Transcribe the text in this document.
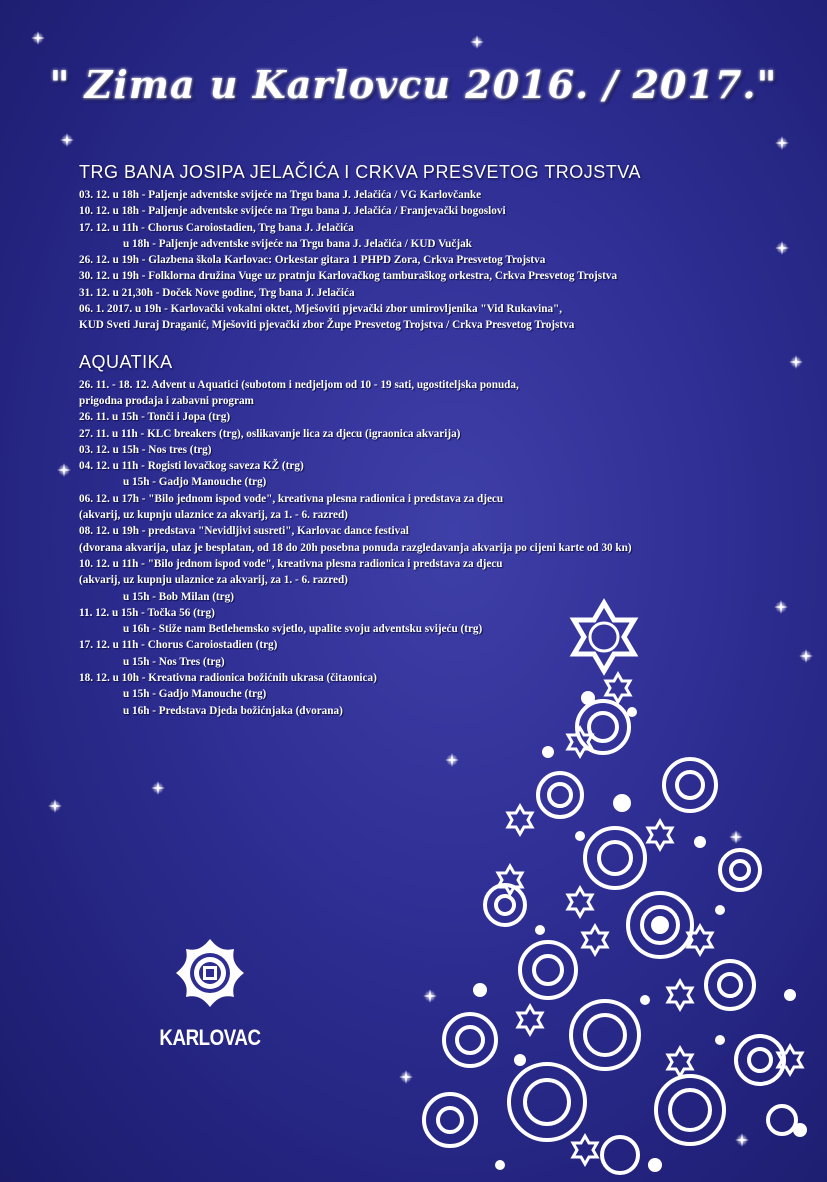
" Zima u Karlovcu 2016. / 2017."
TRG BANA JOSIPA JELAČIĆA I CRKVA PRESVETOG TROJSTVA
03. 12. u 18h - Paljenje adventske svijeće na Trgu bana J. Jelačića / VG Karlovčanke
10. 12. u 18h - Paljenje adventske svijeće na Trgu bana J. Jelačića / Franjevački bogoslovi
17. 12. u 11h - Chorus Caroiostadien, Trg bana J. Jelačića
u 18h - Paljenje adventske svijeće na Trgu bana J. Jelačića / KUD Vučjak
26. 12. u 19h - Glazbena škola Karlovac: Orkestar gitara 1 PHPD Zora, Crkva Presvetog Trojstva
30. 12. u 19h - Folklorna družina Vuge uz pratnju Karlovačkog tamburaškog orkestra, Crkva Presvetog Trojstva
31. 12. u 21,30h - Doček Nove godine, Trg bana J. Jelačića
06. 1. 2017. u 19h - Karlovački vokalni oktet, Mješoviti pjevački zbor umirovljenika "Vid Rukavina",
KUD Sveti Juraj Draganić, Mješoviti pjevački zbor Župe Presvetog Trojstva / Crkva Presvetog Trojstva
AQUATIKA
26. 11. - 18. 12. Advent u Aquatici (subotom i nedjeljom od 10 - 19 sati, ugostiteljska ponuda,
prigodna prodaja i zabavni program
26. 11. u 15h - Tonči i Jopa (trg)
27. 11. u 11h - KLC breakers (trg), oslikavanje lica za djecu (igraonica akvarija)
03. 12. u 15h - Nos tres (trg)
04. 12. u 11h - Rogisti lovačkog saveza KŽ (trg)
u 15h - Gadjo Manouche (trg)
06. 12. u 17h - "Bilo jednom ispod vode", kreativna plesna radionica i predstava za djecu
(akvarij, uz kupnju ulaznice za akvarij, za 1. - 6. razred)
08. 12. u 19h - predstava "Nevidljivi susreti", Karlovac dance festival
(dvorana akvarija, ulaz je besplatan, od 18 do 20h posebna ponuda razgledavanja akvarija po cijeni karte od 30 kn)
10. 12. u 11h - "Bilo jednom ispod vode", kreativna plesna radionica i predstava za djecu
(akvarij, uz kupnju ulaznice za akvarij, za 1. - 6. razred)
u 15h - Bob Milan (trg)
11. 12. u 15h - Točka 56 (trg)
u 16h - Stiže nam Betlehemsko svjetlo, upalite svoju adventsku svijeću (trg)
17. 12. u 11h - Chorus Caroiostadien (trg)
u 15h - Nos Tres (trg)
18. 12. u 10h - Kreativna radionica božićnih ukrasa (čitaonica)
u 15h - Gadjo Manouche (trg)
u 16h - Predstava Djeda božićnjaka (dvorana)
KARLOVAC
